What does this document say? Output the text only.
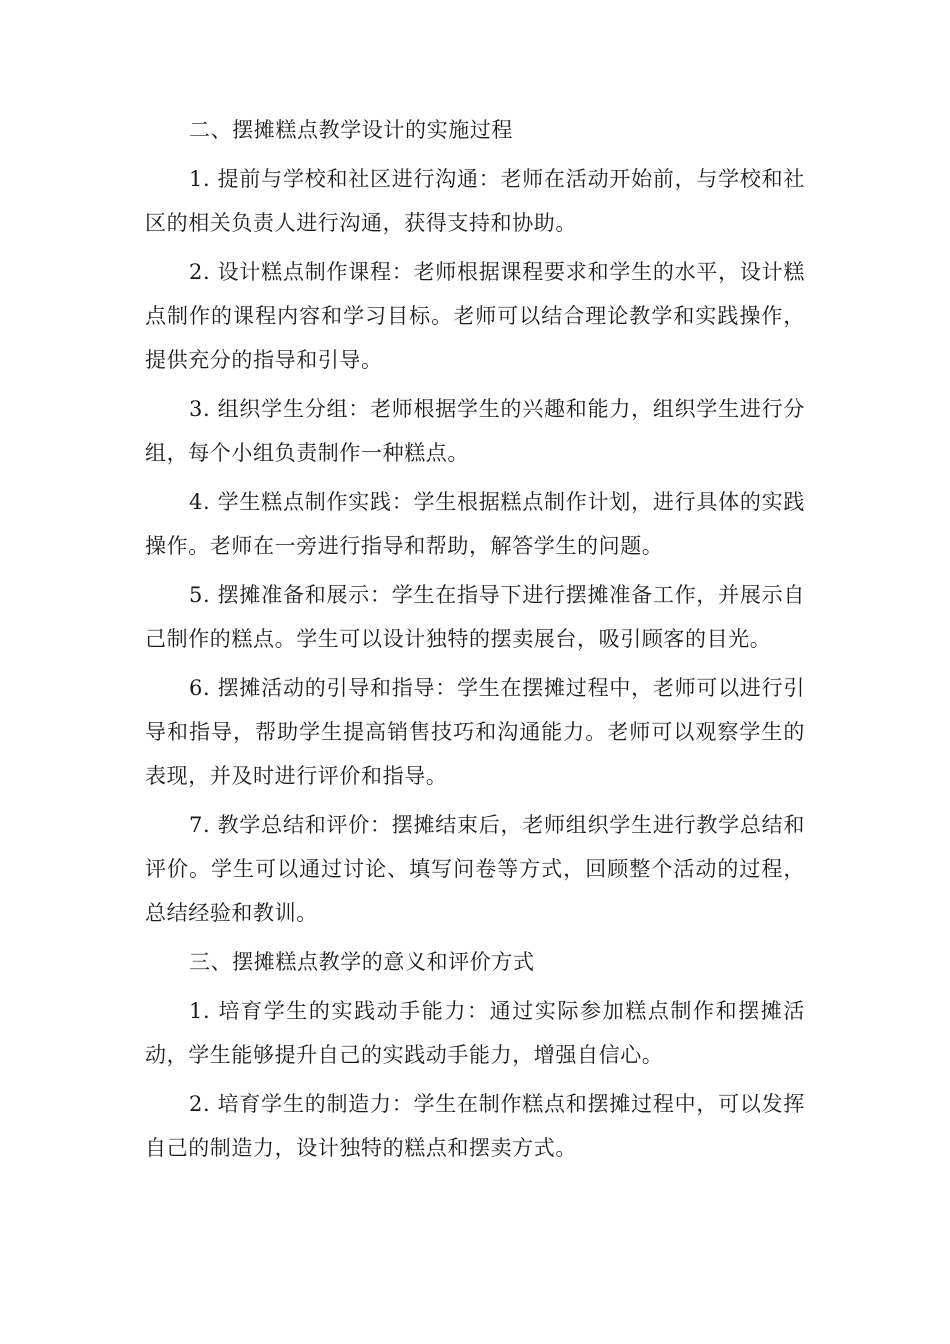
二、摆摊糕点教学设计的实施过程

1. 提前与学校和社区进行沟通：老师在活动开始前，与学校和社区的相关负责人进行沟通，获得支持和协助。

2. 设计糕点制作课程：老师根据课程要求和学生的水平，设计糕点制作的课程内容和学习目标。老师可以结合理论教学和实践操作，提供充分的指导和引导。

3. 组织学生分组：老师根据学生的兴趣和能力，组织学生进行分组，每个小组负责制作一种糕点。

4. 学生糕点制作实践：学生根据糕点制作计划，进行具体的实践操作。老师在一旁进行指导和帮助，解答学生的问题。

5. 摆摊准备和展示：学生在指导下进行摆摊准备工作，并展示自己制作的糕点。学生可以设计独特的摆卖展台，吸引顾客的目光。

6. 摆摊活动的引导和指导：学生在摆摊过程中，老师可以进行引导和指导，帮助学生提高销售技巧和沟通能力。老师可以观察学生的表现，并及时进行评价和指导。

7. 教学总结和评价：摆摊结束后，老师组织学生进行教学总结和评价。学生可以通过讨论、填写问卷等方式，回顾整个活动的过程，总结经验和教训。

三、摆摊糕点教学的意义和评价方式

1. 培育学生的实践动手能力：通过实际参加糕点制作和摆摊活动，学生能够提升自己的实践动手能力，增强自信心。

2. 培育学生的制造力：学生在制作糕点和摆摊过程中，可以发挥自己的制造力，设计独特的糕点和摆卖方式。
